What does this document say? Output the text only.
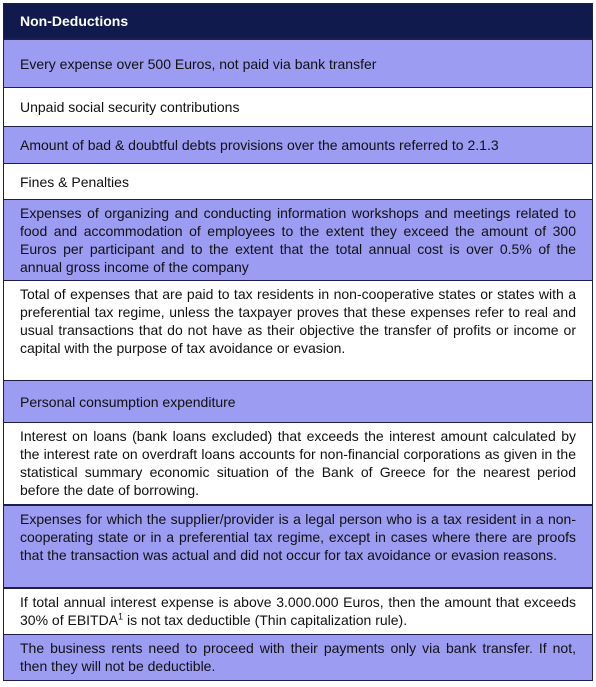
Non-Deductions
Every expense over 500 Euros, not paid via bank transfer
Unpaid social security contributions
Amount of bad & doubtful debts provisions over the amounts referred to 2.1.3
Fines & Penalties
Expenses of organizing and conducting information workshops and meetings related to food and accommodation of employees to the extent they exceed the amount of 300 Euros per participant and to the extent that the total annual cost is over 0.5% of the annual gross income of the company
Total of expenses that are paid to tax residents in non-cooperative states or states with a preferential tax regime, unless the taxpayer proves that these expenses refer to real and usual transactions that do not have as their objective the transfer of profits or income or capital with the purpose of tax avoidance or evasion.
Personal consumption expenditure
Interest on loans (bank loans excluded) that exceeds the interest amount calculated by the interest rate on overdraft loans accounts for non-financial corporations as given in the statistical summary economic situation of the Bank of Greece for the nearest period before the date of borrowing.
Expenses for which the supplier/provider is a legal person who is a tax resident in a non-cooperating state or in a preferential tax regime, except in cases where there are proofs that the transaction was actual and did not occur for tax avoidance or evasion reasons.
If total annual interest expense is above 3.000.000 Euros, then the amount that exceeds 30% of EBITDA$^1$ is not tax deductible (Thin capitalization rule).
The business rents need to proceed with their payments only via bank transfer. If not, then they will not be deductible.
